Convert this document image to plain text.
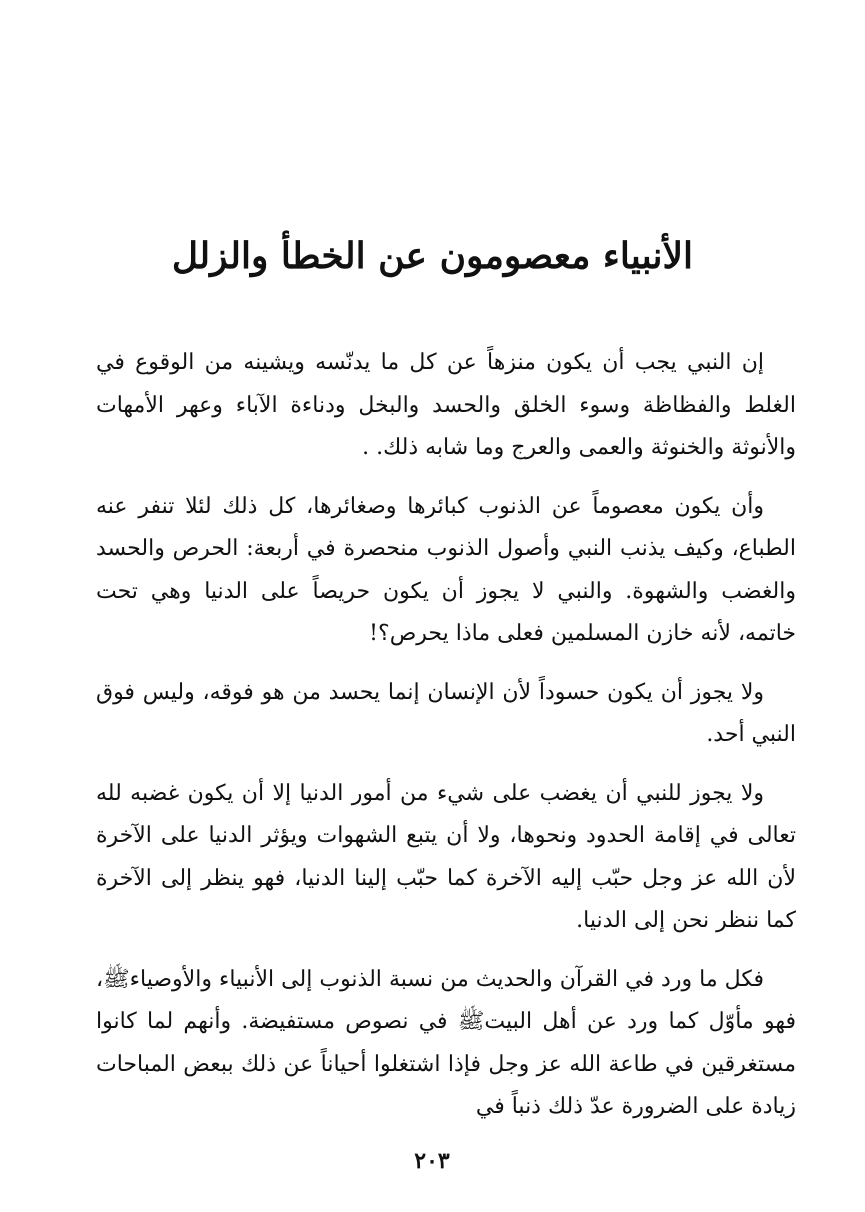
الأنبياء معصومون عن الخطأ والزلل

إن النبي يجب أن يكون منزهاً عن كل ما يدنّسه ويشينه من الوقوع في الغلط والفظاظة وسوء الخلق والحسد والبخل ودناءة الآباء وعهر الأمهات والأنوثة والخنوثة والعمى والعرج وما شابه ذلك. .

وأن يكون معصوماً عن الذنوب كبائرها وصغائرها، كل ذلك لئلا تنفر عنه الطباع، وكيف يذنب النبي وأصول الذنوب منحصرة في أربعة: الحرص والحسد والغضب والشهوة. والنبي لا يجوز أن يكون حريصاً على الدنيا وهي تحت خاتمه، لأنه خازن المسلمين فعلى ماذا يحرص؟!

ولا يجوز أن يكون حسوداً لأن الإنسان إنما يحسد من هو فوقه، وليس فوق النبي أحد.

ولا يجوز للنبي أن يغضب على شيء من أمور الدنيا إلا أن يكون غضبه لله تعالى في إقامة الحدود ونحوها، ولا أن يتبع الشهوات ويؤثر الدنيا على الآخرة لأن الله عز وجل حبّب إليه الآخرة كما حبّب إلينا الدنيا، فهو ينظر إلى الآخرة كما ننظر نحن إلى الدنيا.

فكل ما ورد في القرآن والحديث من نسبة الذنوب إلى الأنبياء والأوصياءﷺ، فهو مأوّل كما ورد عن أهل البيتﷺ في نصوص مستفيضة. وأنهم لما كانوا مستغرقين في طاعة الله عز وجل فإذا اشتغلوا أحياناً عن ذلك ببعض المباحات زيادة على الضرورة عدّ ذلك ذنباً في

٢٠٣
